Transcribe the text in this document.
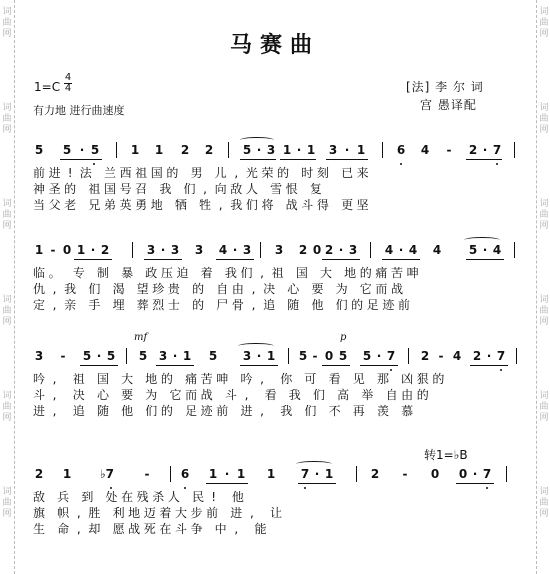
词
曲
网
词
曲
网
词
曲
网
词
曲
网
词
曲
网
词
曲
网
词
曲
网
词
曲
网
词
曲
网
词
曲
网
词
曲
网
词
曲
网
马赛曲
1=C
4
4
有力地 进行曲速度
[法] 李 尔 词
宫 愚译配
5 5 · 5	1 1 2 2 5 · 3 1 · 1 3 · 1	6 4	-	2 · 7
前 进 ! 法 兰 西 祖 国 的 男 儿 , 光 荣 的 时 刻 已 来
神 圣 的 祖 国 号 召 我 们 , 向 敌 人 雪 恨 复
当 父 老 兄 弟 英 勇 地 牺 牲 , 我 们 将 战 斗 得 更 坚
1 - 0 1 · 2	3 · 3 3 4 · 3 3 2 0 2 · 3 4 · 4 4 5 · 4
临 。 专 制 暴 政 压 迫 着 我 们 , 祖 国 大 地 的 痛 苦 呻
仇 , 我 们 渴 望 珍 贵 的 自 由 , 决 心 要 为 它 而 战
定 , 亲 手 埋 葬 烈 士 的 尸 骨 , 追 随 他 们 的 足 迹 前
mf	p
3	-	5 · 5 5 3 · 1 5 3 · 1 5 - 0 5 5 · 7 2 - 4 2 · 7
吟 ,	祖 国 大 地 的 痛 苦 呻 吟 ,	你 可 看 见 那 凶 狠 的
斗 ,	决 心 要 为 它 而 战 斗 ,	看 我 们 高 举 自 由 的
进 ,	追 随 他 们 的 足 迹 前 进 ,	我 们 不 再 羡 慕
转1=♭B
2 1 ♭7	-	6 1 · 1 1 7 · 1	2	-	0 0 · 7
敌 兵 到 处 在 残 杀 人 民 !	他
旗 帜 , 胜 利 地 迈 着 大 步 前 进 ,	让
生 命 , 却 愿 战 死 在 斗 争 中 ,	能
